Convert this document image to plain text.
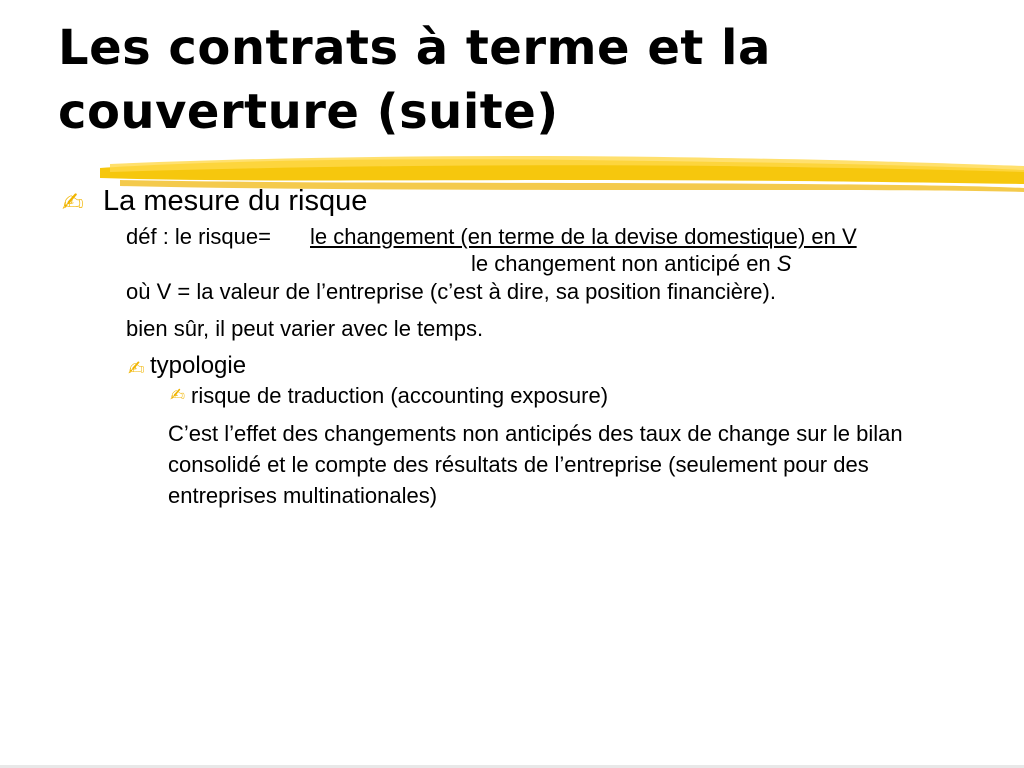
Les contrats à terme et la
couverture (suite)
✍ La mesure du risque
déf : le risque= le changement (en terme de la devise domestique) en V
le changement non anticipé en S
où V = la valeur de l’entreprise (c’est à dire, sa position financière).
bien sûr, il peut varier avec le temps.
✍ typologie
✍ risque de traduction (accounting exposure)
C’est l’effet des changements non anticipés des taux de change sur le bilan consolidé et le compte des résultats de l’entreprise (seulement pour des entreprises multinationales)
